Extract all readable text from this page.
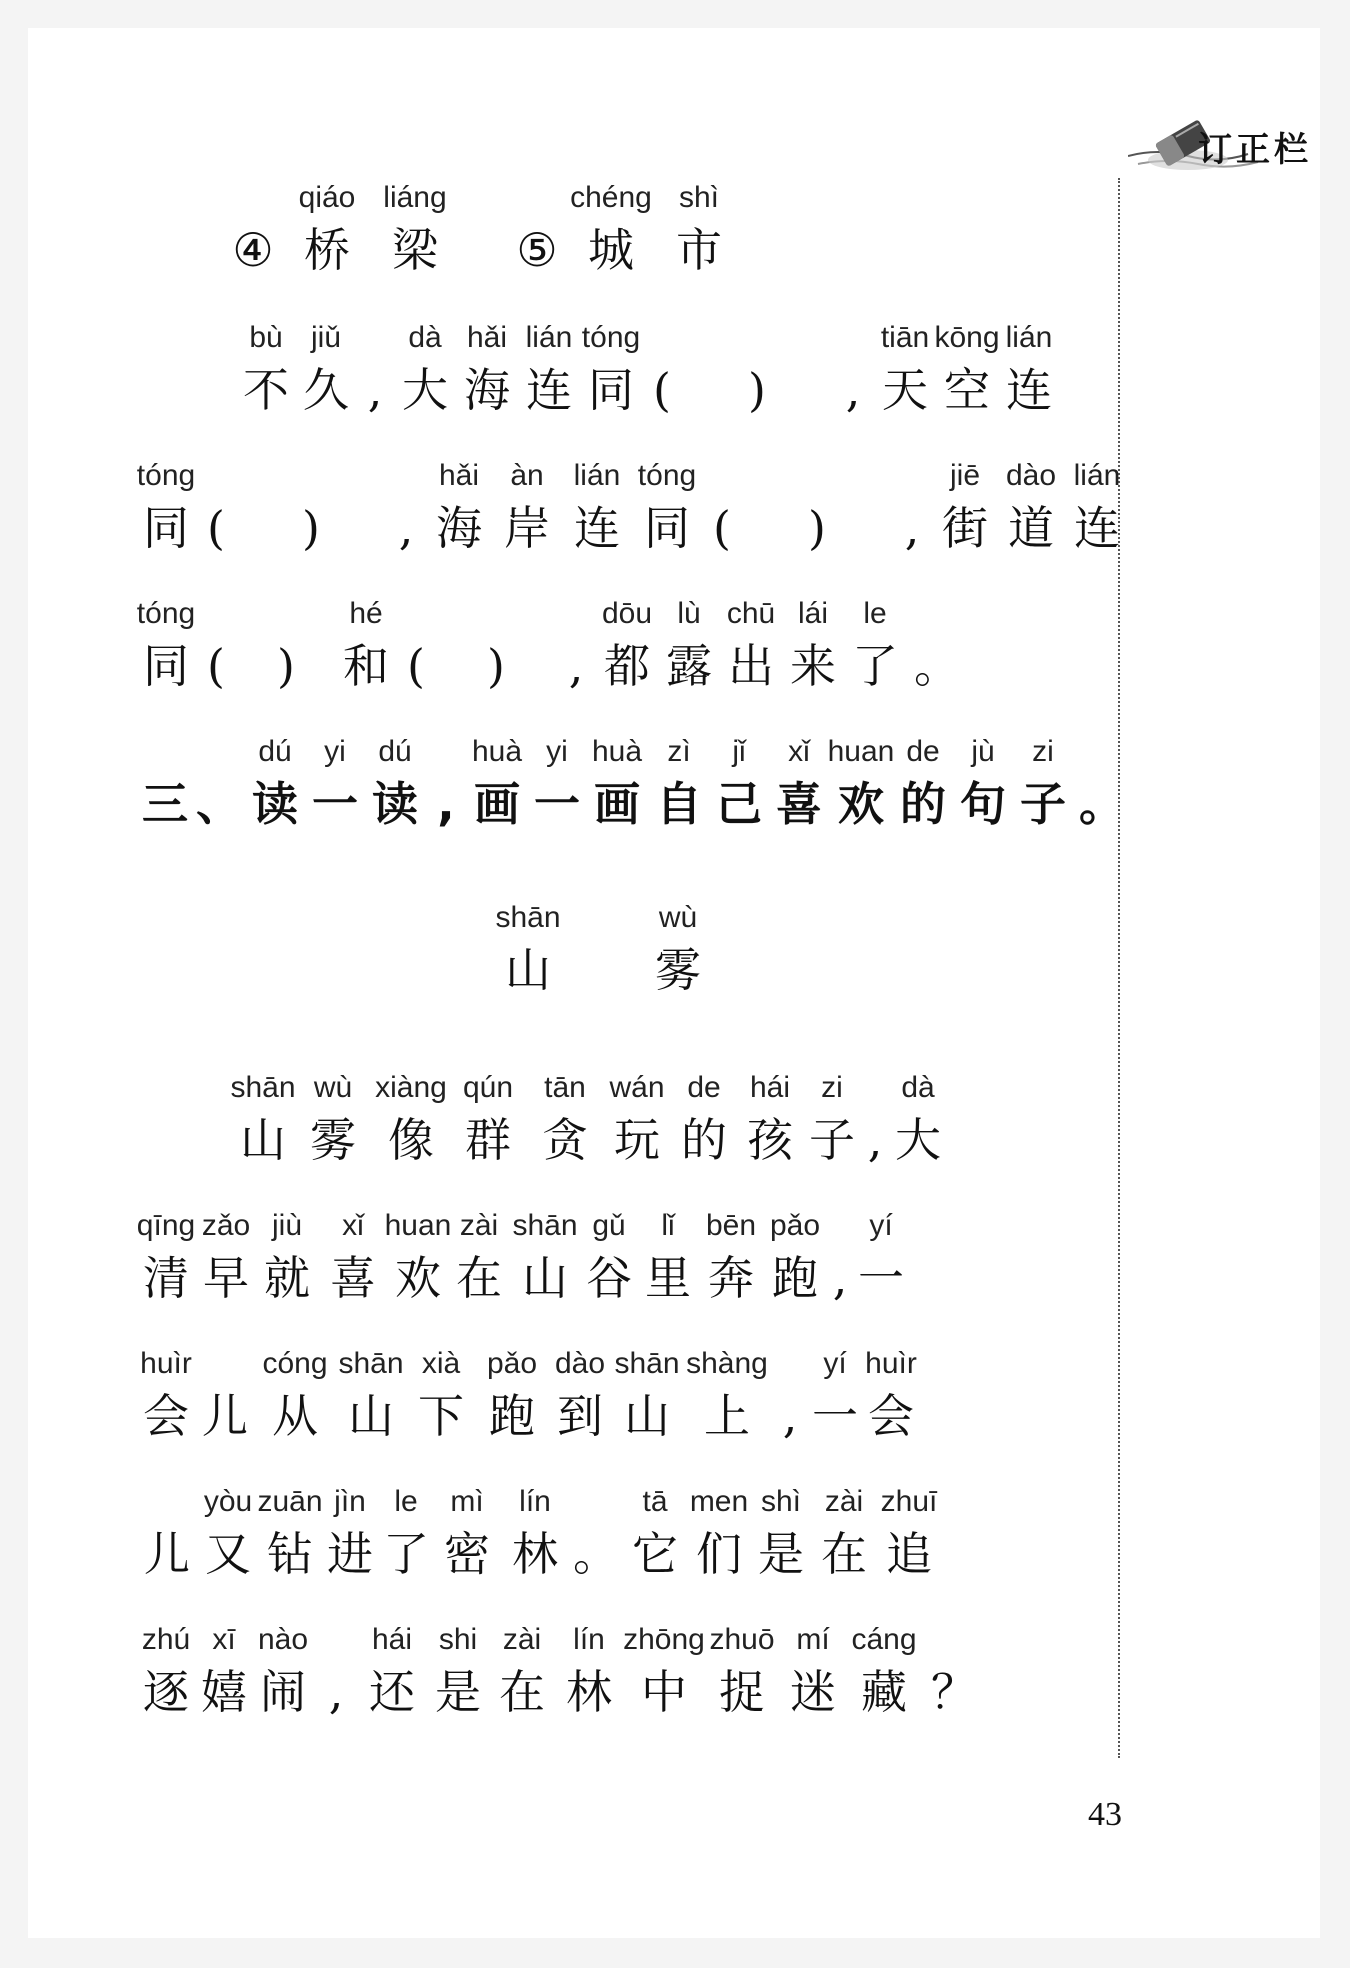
订正栏
④
qiáo
桥
liáng
梁 ⑤
chéng
城
shì
市
bù
不
jiǔ
久 ,
dà
大
hǎi
海
lián
连
tóng
同 ( ) ,
tiān
天
kōng
空
lián
连
tóng
同 ( ) ,
hǎi
海
àn
岸
lián
连
tóng
同 ( ) ,
jiē
街
dào
道
lián
连
tóng
同 ( )
hé
和 ( ) ,
dōu
都
lù
露
chū
出
lái
来
le
了 。
三 、
dú
读
yi
一
dú
读 ,
huà
画
yi
一
huà
画
zì
自
jǐ
己
xǐ
喜
huan
欢
de
的
jù
句
zi
子 。
shān
山
wù
雾
shān
山
wù
雾
xiàng
像
qún
群
tān
贪
wán
玩
de
的
hái
孩
zi
子 ,
dà
大
qīng
清
zǎo
早
jiù
就
xǐ
喜
huan
欢
zài
在
shān
山
gǔ
谷
lǐ
里
bēn
奔
pǎo
跑 ,
yí
一
huìr
会 儿
cóng
从
shān
山
xià
下
pǎo
跑
dào
到
shān
山
shàng
上 ,
yí
一
huìr
会
儿
yòu
又
zuān
钻
jìn
进
le
了
mì
密
lín
林 。
tā
它
men
们
shì
是
zài
在
zhuī
追
zhú
逐
xī
嬉
nào
闹 ,
hái
还
shi
是
zài
在
lín
林
zhōng
中
zhuō
捉
mí
迷
cáng
藏 ？
43
